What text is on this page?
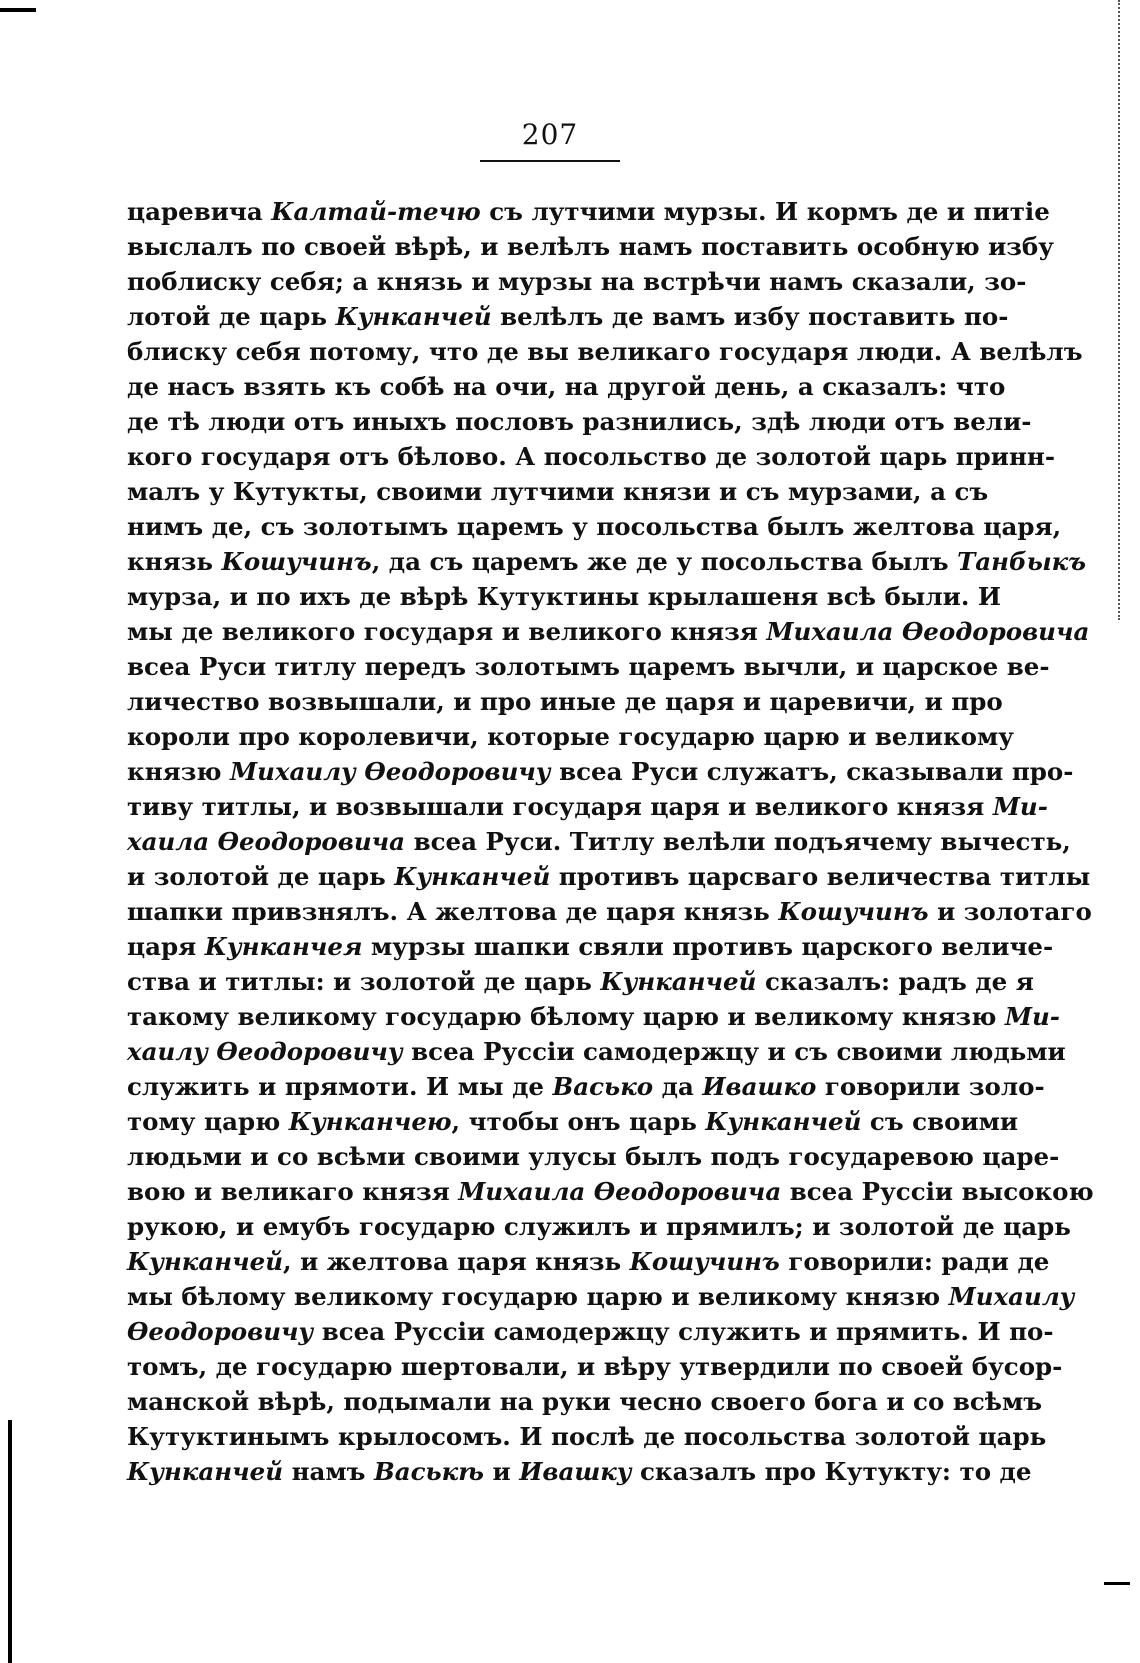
207
царевича Калтай-течю съ лутчими мурзы. И кормъ де и питіе
выслалъ по своей вѣрѣ, и велѣлъ намъ поставить особную избу
поблиску себя; а князь и мурзы на встрѣчи намъ сказали, зо-
лотой де царь Кунканчей велѣлъ де вамъ избу поставить по-
блиску себя потому, что де вы великаго государя люди. А велѣлъ
де насъ взять къ собѣ на очи, на другой день, а сказалъ: что
де тѣ люди отъ иныхъ пословъ разнились, здѣ люди отъ вели-
кого государя отъ бѣлово. А посольство де золотой царь принн-
малъ у Кутукты, своими лутчими князи и съ мурзами, а съ
нимъ де, съ золотымъ царемъ у посольства былъ желтова царя,
князь Кошучинъ, да съ царемъ же де у посольства былъ Танбыкъ
мурза, и по ихъ де вѣрѣ Кутуктины крылашеня всѣ были. И
мы де великого государя и великого князя Михаила Ѳеодоровича
всеа Руси титлу передъ золотымъ царемъ вычли, и царское ве-
личество возвышали, и про иные де царя и царевичи, и про
короли про королевичи, которые государю царю и великому
князю Михаилу Ѳеодоровичу всеа Руси служатъ, сказывали про-
тиву титлы, и возвышали государя царя и великого князя Ми-
хаила Ѳеодоровича всеа Руси. Титлу велѣли подъячему вычесть,
и золотой де царь Кунканчей противъ царсваго величества титлы
шапки привзнялъ. А желтова де царя князь Кошучинъ и золотаго
царя Кунканчея мурзы шапки свяли противъ царского величе-
ства и титлы: и золотой де царь Кунканчей сказалъ: радъ де я
такому великому государю бѣлому царю и великому князю Ми-
хаилу Ѳеодоровичу всеа Руссіи самодержцу и съ своими людьми
служить и прямоти. И мы де Васько да Ивашко говорили золо-
тому царю Кунканчею, чтобы онъ царь Кунканчей съ своими
людьми и со всѣми своими улусы былъ подъ государевою царе-
вою и великаго князя Михаила Ѳеодоровича всеа Руссіи высокою
рукою, и емубъ государю служилъ и прямилъ; и золотой де царь
Кунканчей, и желтова царя князь Кошучинъ говорили: ради де
мы бѣлому великому государю царю и великому князю Михаилу
Ѳеодоровичу всеа Руссіи самодержцу служить и прямить. И по-
томъ, де государю шертовали, и вѣру утвердили по своей бусор-
манской вѣрѣ, подымали на руки чесно своего бога и со всѣмъ
Кутуктинымъ крылосомъ. И послѣ де посольства золотой царь
Кунканчей намъ Васькѣ и Ивашку сказалъ про Кутукту: то де
